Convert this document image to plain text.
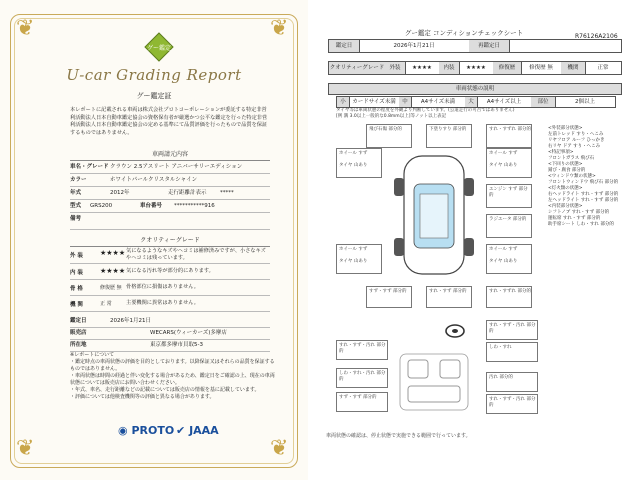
❦	❦
❦	❦
グー鑑定
U-car Grading Report
グー鑑定証
本レポートに記載される車両は株式会社プロトコーポレーションが委託する特定非営利活動法人日本自動車鑑定協会の資格保有者が厳選かつ公平な鑑定を行った特定非営利活動法人日本自動車鑑定協会の定める基準にて品質評価を行ったもので品質を保証するものではありません。
車両請元内容
車名・グレード クラウン 2.5アスリート アニバーサリーエディション
カラー	ホワイトパールクリスタルシャイン
年式	2012年	走行距離計表示 *****
型式 GRS200	車台番号 ***********916
備考
クオリティーグレード
外 装 ★★★★ 気になるようなキズやヘコミは補修済みですが、小さなキズやヘコミは残っています。
内 装 ★★★★ 気になる汚れ等が部分的にあります。
骨 格	修復歴 無 骨格部位に損傷はありません。
機 関	正 常	主要機関に異常はありません。
鑑定日	2026年1月21日
販売店	WECARS(ウィーカーズ)多摩店
所在地	東京都多摩市貝取5-3
※レポートについて
・鑑定時点の車両状態の評価を目的としております。以降保証又はそれらの品質を保証するものではありません。
・車両状態は時間の経過と伴い変化する場合があるため、鑑定日をご確認の上、現在の車両状態については販売店にお問い合わせください。
・年式、車名、走行距離などの記載については販売店の情報を基に記載しています。
・評価については他検査機関等の評価と異なる場合があります。
◉ PROTO ✔ JAAA
R76126A2106
グー鑑定 コンディションチェックシート
鑑定日	2026年1月21日	再鑑定日
クオリティーグレード 外装	★★★★	内装	★★★★	修復歴	修復歴 無	機関	正常
車両状態の説明
小	カードサイズ未満	中	A4サイズ未満	大	A4サイズ以上	部位	2個以上
タイヤ等は車両状態の程度を外観より判断しています。(公道走行の可否ではありません)
[例 溝 3.0以上一般的な0.8mm以上]等ノット以上表記
飛び石傷 部分的	下塗りすり 部分的	すれ・すずれ 部分的
ホイール すず
タイヤ 山あり
ホイール すず
タイヤ 山あり
エンジン すず 部分的
ラジエータ 部分的
ホイール すず
タイヤ 山あり
ホイール すず
タイヤ 山あり
すず・すず 部分的	すれ・すず 部分的	すれ・すずれ 部分的
すれ・すず・汚れ 部分的
すれ・すず・汚れ 部分的
しわ・すれ
しわ・すれ・汚れ 部分的	汚れ 部分的
すず・すず 部分的	すれ・すず・汚れ 部分的
<外装部分状態>
左前トレッド すり・へこみ
リヤフロア ルーフ ひっかき
右リヤ ドア すり・へこみ
<特記事項>
フロントガラス 飛び石
<下回りの状態>
錆び・腐食 部分的
<ウィンドウ類の状態>
フロントウィンドウ 飛び石 部分的
<灯火類の状態>
右ヘッドライト すれ・すず 部分的
左ヘッドライト すれ・すず 部分的
<内装部分状態>
シフトノブ すれ・すず 部分的
運転席 すれ・すず 部分的
助手席シート しわ・すれ 部分的
車両状態の確認は、停止状態で実施できる範囲で行っています。
